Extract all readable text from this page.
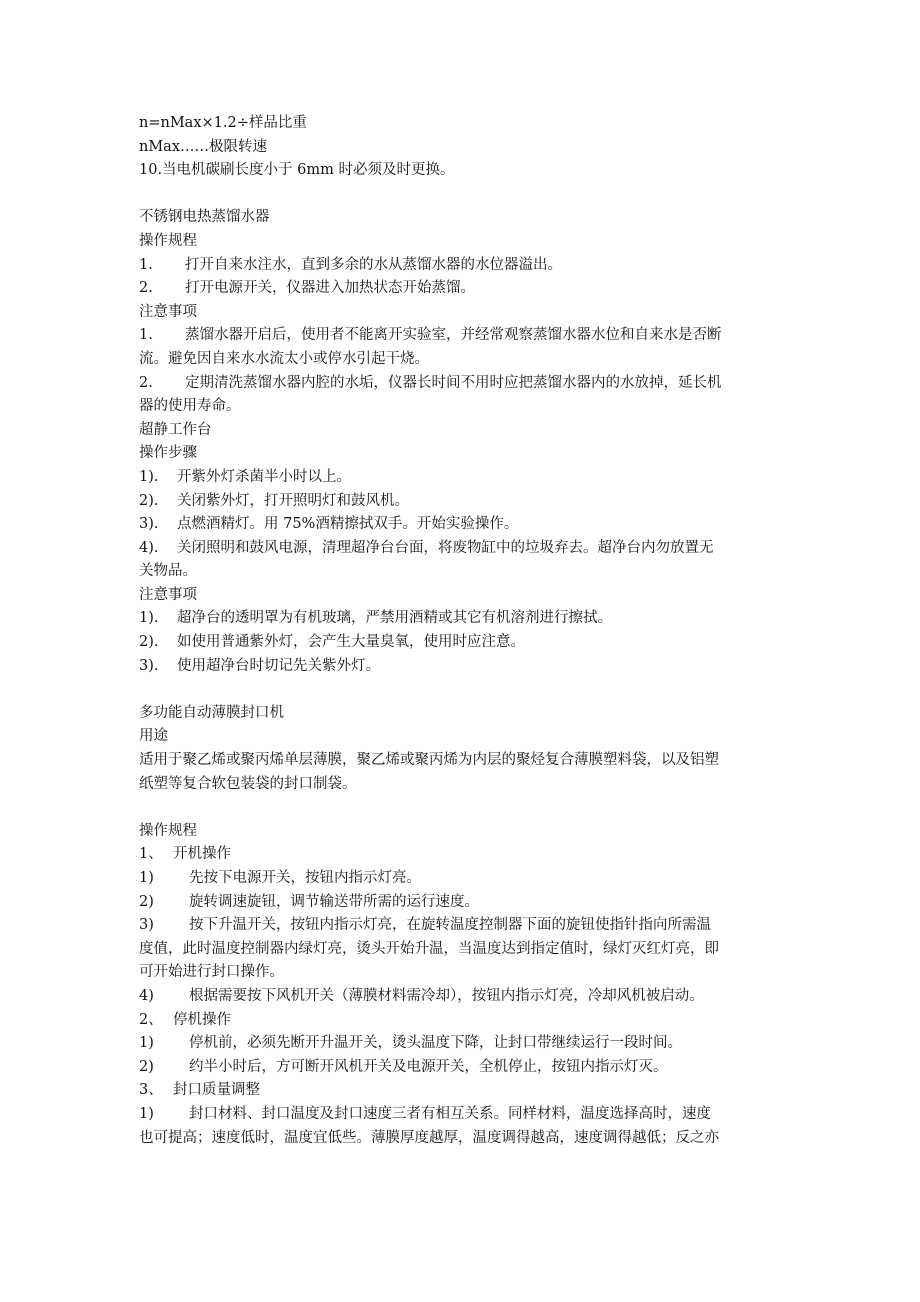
n=nMax×1.2÷样品比重
nMax……极限转速
10.当电机碳刷长度小于 6mm 时必须及时更换。
不锈钢电热蒸馏水器
操作规程
1. 打开自来水注水，直到多余的水从蒸馏水器的水位器溢出。
2. 打开电源开关，仪器进入加热状态开始蒸馏。
注意事项
1. 蒸馏水器开启后，使用者不能离开实验室，并经常观察蒸馏水器水位和自来水是否断
流。避免因自来水水流太小或停水引起干烧。
2. 定期清洗蒸馏水器内腔的水垢，仪器长时间不用时应把蒸馏水器内的水放掉，延长机
器的使用寿命。
超静工作台
操作步骤
1). 开紫外灯杀菌半小时以上。
2). 关闭紫外灯，打开照明灯和鼓风机。
3). 点燃酒精灯。用 75%酒精擦拭双手。开始实验操作。
4). 关闭照明和鼓风电源，清理超净台台面，将废物缸中的垃圾弃去。超净台内勿放置无
关物品。
注意事项
1). 超净台的透明罩为有机玻璃，严禁用酒精或其它有机溶剂进行擦拭。
2). 如使用普通紫外灯，会产生大量臭氧，使用时应注意。
3). 使用超净台时切记先关紫外灯。
多功能自动薄膜封口机
用途
适用于聚乙烯或聚丙烯单层薄膜，聚乙烯或聚丙烯为内层的聚烃复合薄膜塑料袋，以及铝塑
纸塑等复合软包装袋的封口制袋。
操作规程
1、 开机操作
1) 先按下电源开关，按钮内指示灯亮。
2) 旋转调速旋钮，调节输送带所需的运行速度。
3) 按下升温开关，按钮内指示灯亮，在旋转温度控制器下面的旋钮使指针指向所需温
度值，此时温度控制器内绿灯亮，烫头开始升温，当温度达到指定值时，绿灯灭红灯亮，即
可开始进行封口操作。
4) 根据需要按下风机开关（薄膜材料需冷却），按钮内指示灯亮，冷却风机被启动。
2、 停机操作
1) 停机前，必须先断开升温开关，烫头温度下降，让封口带继续运行一段时间。
2) 约半小时后，方可断开风机开关及电源开关，全机停止，按钮内指示灯灭。
3、 封口质量调整
1) 封口材料、封口温度及封口速度三者有相互关系。同样材料，温度选择高时，速度
也可提高；速度低时，温度宜低些。薄膜厚度越厚，温度调得越高，速度调得越低；反之亦
